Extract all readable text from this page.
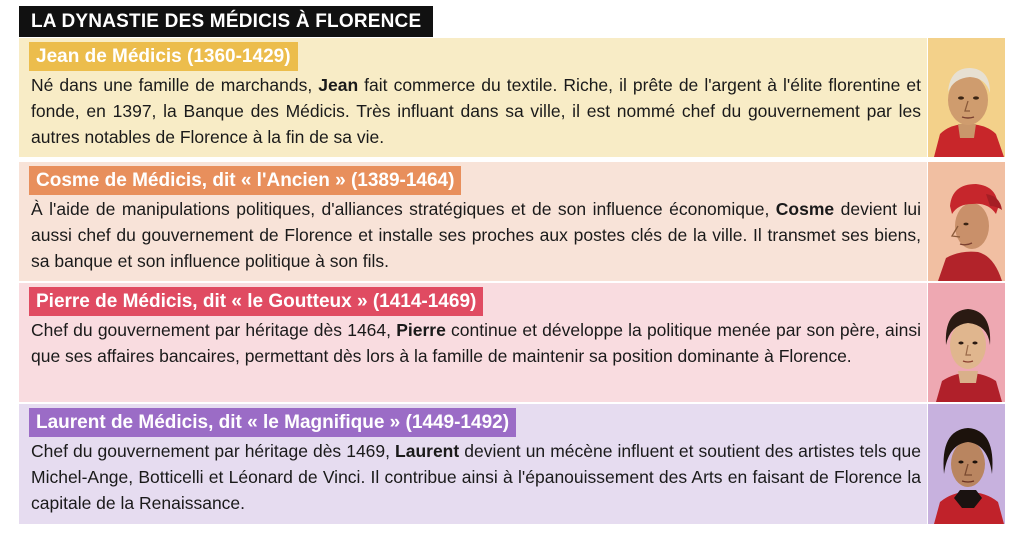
LA DYNASTIE DES MÉDICIS À FLORENCE
Jean de Médicis (1360-1429)

Né dans une famille de marchands, Jean fait commerce du textile. Riche, il prête de l'argent à l'élite florentine et fonde, en 1397, la Banque des Médicis. Très influant dans sa ville, il est nommé chef du gouvernement par les autres notables de Florence à la fin de sa vie.

Cosme de Médicis, dit « l'Ancien » (1389-1464)

À l'aide de manipulations politiques, d'alliances stratégiques et de son influence économique, Cosme devient lui aussi chef du gouvernement de Florence et installe ses proches aux postes clés de la ville. Il transmet ses biens, sa banque et son influence politique à son fils.

Pierre de Médicis, dit « le Goutteux » (1414-1469)

Chef du gouvernement par héritage dès 1464, Pierre continue et développe la politique menée par son père, ainsi que ses affaires bancaires, permettant dès lors à la famille de maintenir sa position dominante à Florence.

Laurent de Médicis, dit « le Magnifique » (1449-1492)

Chef du gouvernement par héritage dès 1469, Laurent devient un mécène influent et soutient des artistes tels que Michel-Ange, Botticelli et Léonard de Vinci. Il contribue ainsi à l'épanouissement des Arts en faisant de Florence la capitale de la Renaissance.
